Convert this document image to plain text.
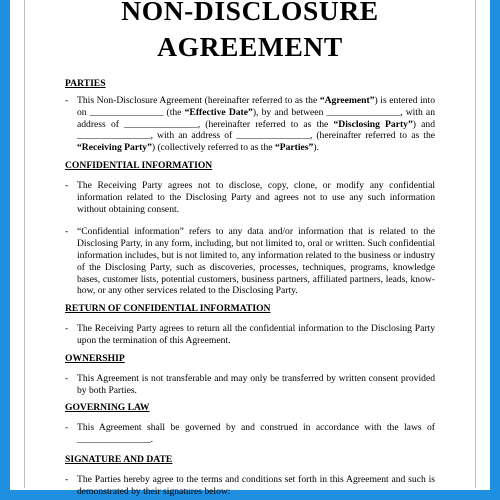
NON-DISCLOSURE
AGREEMENT
PARTIES
- This Non-Disclosure Agreement (hereinafter referred to as the “Agreement”) is entered into on ________________ (the “Effective Date”), by and between ________________, with an address of ________________, (hereinafter referred to as the “Disclosing Party”) and ________________, with an address of ________________, (hereinafter referred to as the “Receiving Party”) (collectively referred to as the “Parties”).
CONFIDENTIAL INFORMATION
- The Receiving Party agrees not to disclose, copy, clone, or modify any confidential information related to the Disclosing Party and agrees not to use any such information without obtaining consent.
- “Confidential information” refers to any data and/or information that is related to the Disclosing Party, in any form, including, but not limited to, oral or written. Such confidential information includes, but is not limited to, any information related to the business or industry of the Disclosing Party, such as discoveries, processes, techniques, programs, knowledge bases, customer lists, potential customers, business partners, affiliated partners, leads, know-how, or any other services related to the Disclosing Party.
RETURN OF CONFIDENTIAL INFORMATION
- The Receiving Party agrees to return all the confidential information to the Disclosing Party upon the termination of this Agreement.
OWNERSHIP
- This Agreement is not transferable and may only be transferred by written consent provided by both Parties.
GOVERNING LAW
- This Agreement shall be governed by and construed in accordance with the laws of ________________.
SIGNATURE AND DATE
- The Parties hereby agree to the terms and conditions set forth in this Agreement and such is demonstrated by their signatures below:
